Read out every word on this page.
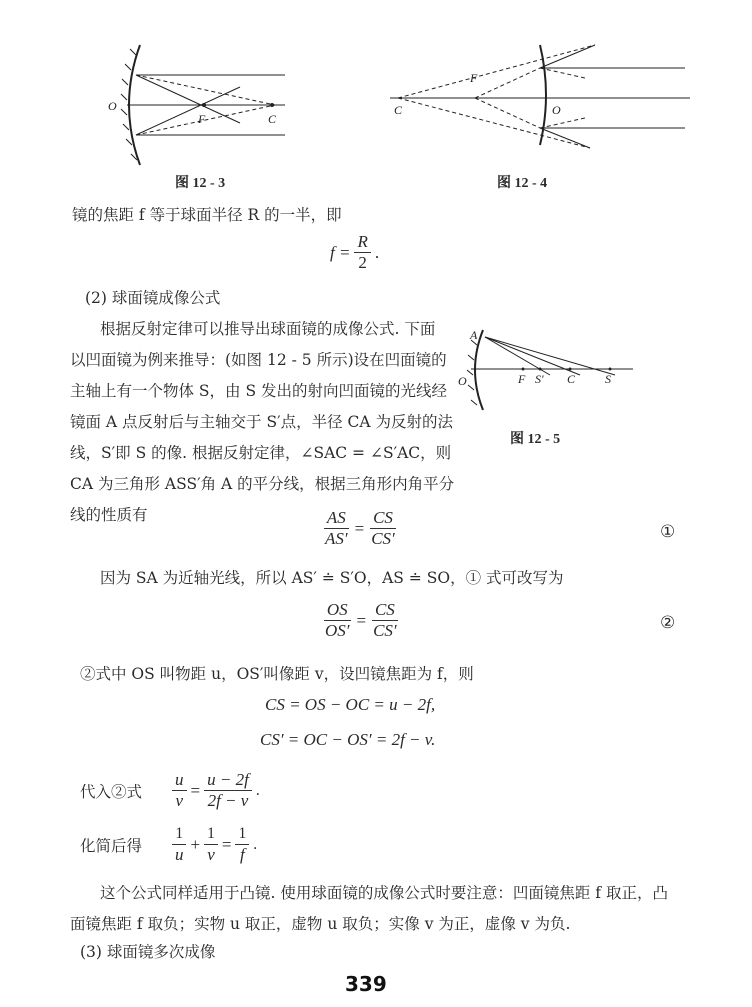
O
F	C
图 12 - 3
C
F
O
图 12 - 4
镜的焦距 f 等于球面半径 R 的一半，即
$f = \frac{R}{2}$ .
(2) 球面镜成像公式
根据反射定律可以推导出球面镜的成像公式. 下面
以凹面镜为例来推导：(如图 12 - 5 所示)设在凹面镜的
主轴上有一个物体 S，由 S 发出的射向凹面镜的光线经
镜面 A 点反射后与主轴交于 S′点，半径 CA 为反射的法
线，S′即 S 的像. 根据反射定律，∠SAC = ∠S′AC，则
CA 为三角形 ASS′角 A 的平分线，根据三角形内角平分
线的性质有
A
O	F S' C S
图 12 - 5
$\frac{AS}{AS'} = \frac{CS}{CS'}$	①
因为 SA 为近轴光线，所以 AS′ ≐ S′O，AS ≐ SO，① 式可改写为
$\frac{OS}{OS'} = \frac{CS}{CS'}$	②
②式中 OS 叫物距 u，OS′叫像距 v，设凹镜焦距为 f，则
CS = OS − OC = u − 2f,
CS′ = OC − OS′ = 2f − v.
代入②式 $\frac{u}{v} = \frac{u - 2f}{2f - v}$ .
化简后得 $\frac{1}{u} + \frac{1}{v} = \frac{1}{f}$ .
这个公式同样适用于凸镜. 使用球面镜的成像公式时要注意：凹面镜焦距 f 取正，凸
面镜焦距 f 取负；实物 u 取正，虚物 u 取负；实像 v 为正，虚像 v 为负.
(3) 球面镜多次成像
339
